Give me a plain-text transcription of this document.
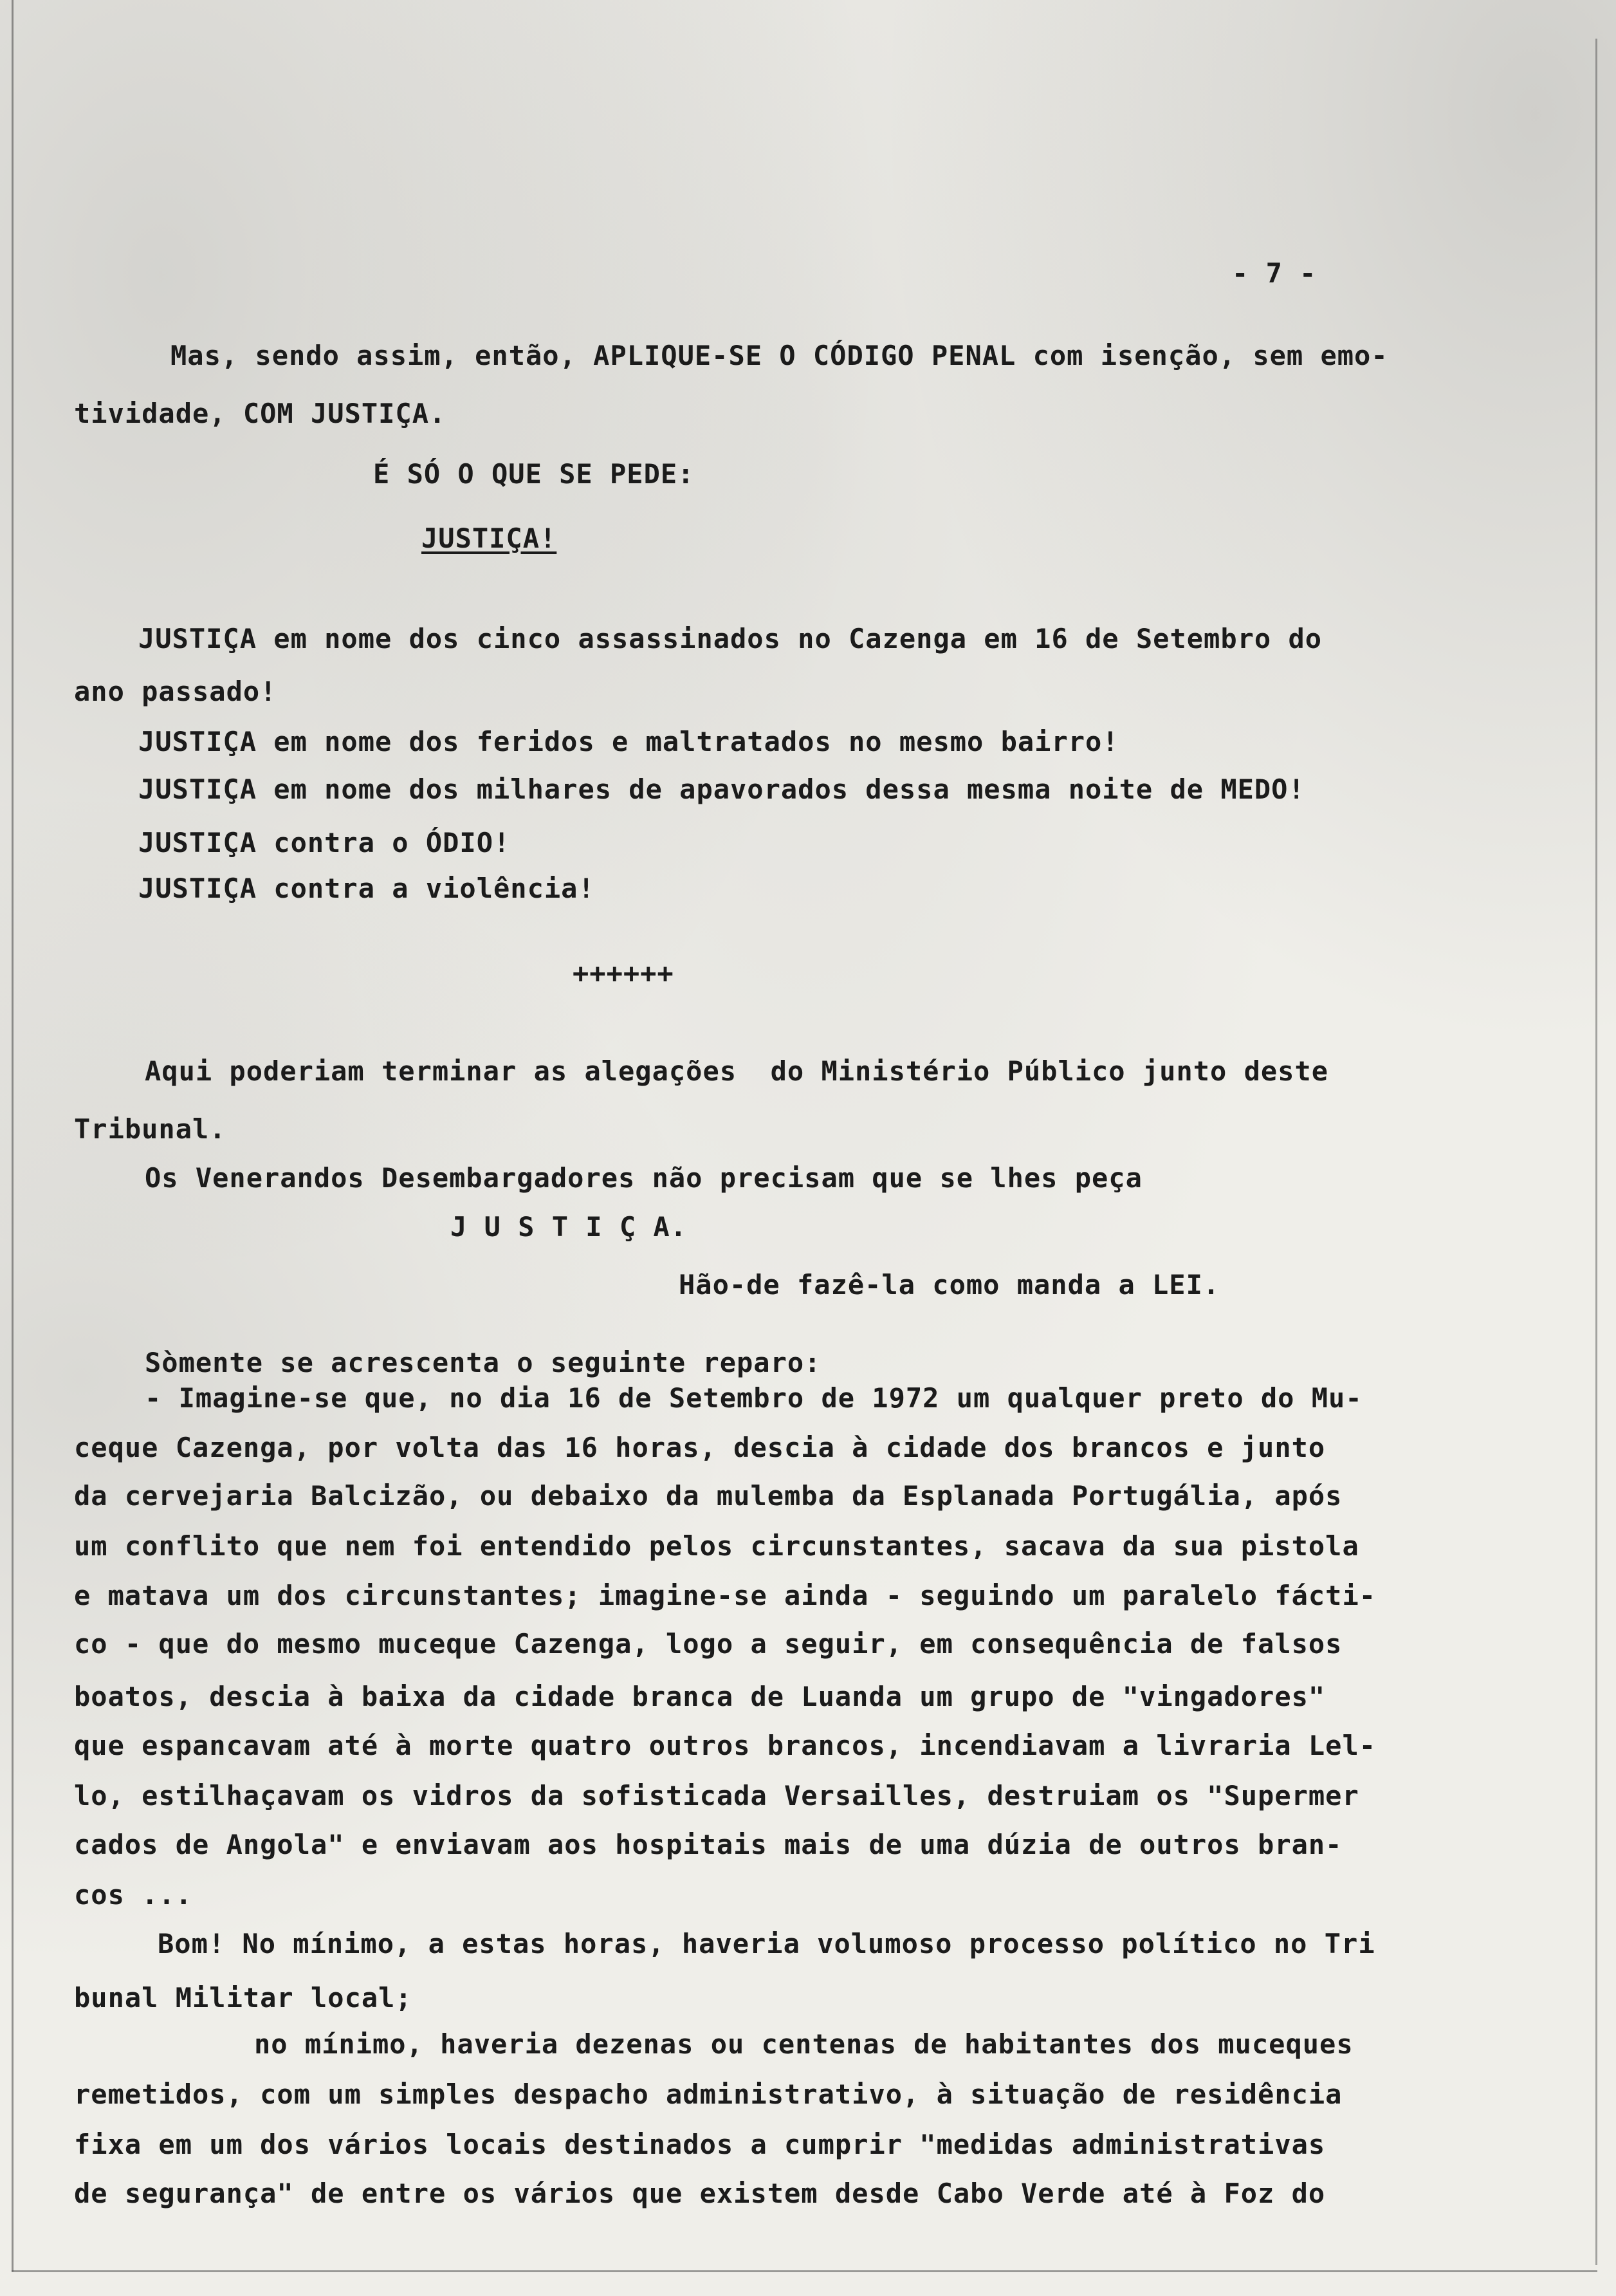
- 7 -
Mas, sendo assim, então, APLIQUE-SE O CÓDIGO PENAL com isenção, sem emo-
tividade, COM JUSTIÇA.
É SÓ O QUE SE PEDE:
JUSTIÇA!
JUSTIÇA em nome dos cinco assassinados no Cazenga em 16 de Setembro do
ano passado!
JUSTIÇA em nome dos feridos e maltratados no mesmo bairro!
JUSTIÇA em nome dos milhares de apavorados dessa mesma noite de MEDO!
JUSTIÇA contra o ÓDIO!
JUSTIÇA contra a violência!
++++++
Aqui poderiam terminar as alegações  do Ministério Público junto deste
Tribunal.
Os Venerandos Desembargadores não precisam que se lhes peça
J U S T I Ç A.
Hão-de fazê-la como manda a LEI.
Sòmente se acrescenta o seguinte reparo:
- Imagine-se que, no dia 16 de Setembro de 1972 um qualquer preto do Mu-
ceque Cazenga, por volta das 16 horas, descia à cidade dos brancos e junto
da cervejaria Balcizão, ou debaixo da mulemba da Esplanada Portugália, após
um conflito que nem foi entendido pelos circunstantes, sacava da sua pistola
e matava um dos circunstantes; imagine-se ainda - seguindo um paralelo fácti-
co - que do mesmo muceque Cazenga, logo a seguir, em consequência de falsos
boatos, descia à baixa da cidade branca de Luanda um grupo de "vingadores"
que espancavam até à morte quatro outros brancos, incendiavam a livraria Lel-
lo, estilhaçavam os vidros da sofisticada Versailles, destruiam os "Supermer
cados de Angola" e enviavam aos hospitais mais de uma dúzia de outros bran-
cos ...
Bom! No mínimo, a estas horas, haveria volumoso processo político no Tri
bunal Militar local;
no mínimo, haveria dezenas ou centenas de habitantes dos muceques
remetidos, com um simples despacho administrativo, à situação de residência
fixa em um dos vários locais destinados a cumprir "medidas administrativas
de segurança" de entre os vários que existem desde Cabo Verde até à Foz do
